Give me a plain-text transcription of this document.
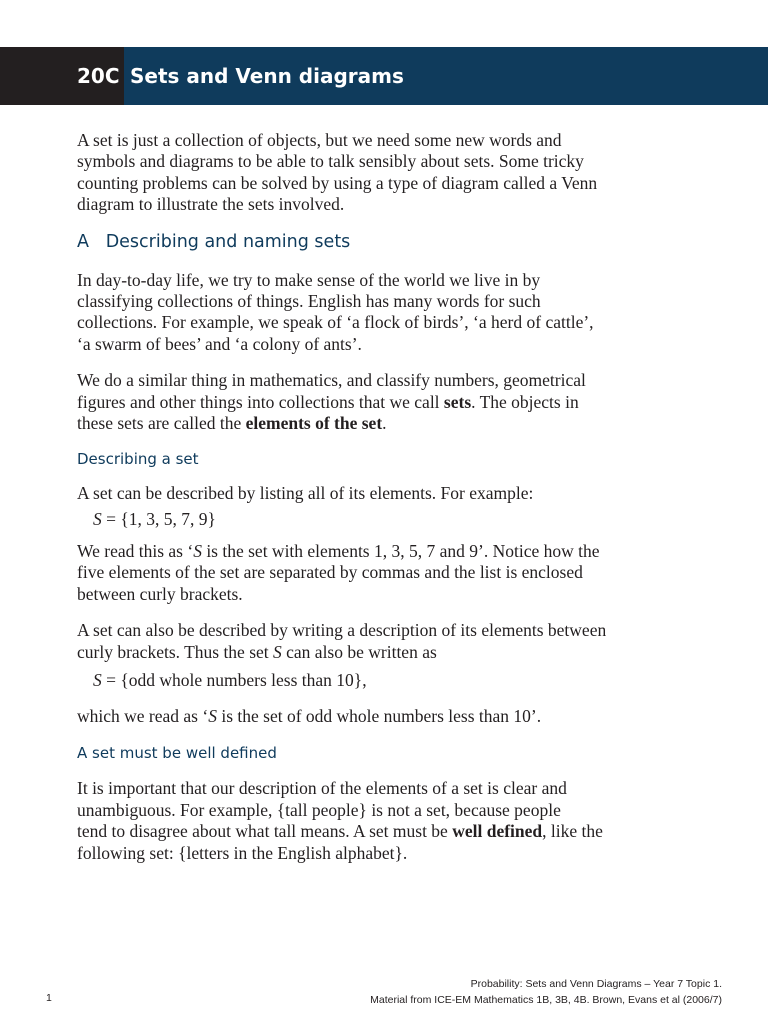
20C Sets and Venn diagrams

A set is just a collection of objects, but we need some new words and
symbols and diagrams to be able to talk sensibly about sets. Some tricky
counting problems can be solved by using a type of diagram called a Venn
diagram to illustrate the sets involved.

A Describing and naming sets

In day-to-day life, we try to make sense of the world we live in by
classifying collections of things. English has many words for such
collections. For example, we speak of ‘a flock of birds’, ‘a herd of cattle’,
‘a swarm of bees’ and ‘a colony of ants’.

We do a similar thing in mathematics, and classify numbers, geometrical
figures and other things into collections that we call sets. The objects in
these sets are called the elements of the set.

Describing a set

A set can be described by listing all of its elements. For example:

S = {1, 3, 5, 7, 9}

We read this as ‘S is the set with elements 1, 3, 5, 7 and 9’. Notice how the
five elements of the set are separated by commas and the list is enclosed
between curly brackets.

A set can also be described by writing a description of its elements between
curly brackets. Thus the set S can also be written as

S = {odd whole numbers less than 10},

which we read as ‘S is the set of odd whole numbers less than 10’.

A set must be well defined

It is important that our description of the elements of a set is clear and
unambiguous. For example, {tall people} is not a set, because people
tend to disagree about what tall means. A set must be well defined, like the
following set: {letters in the English alphabet}.

1
Probability: Sets and Venn Diagrams – Year 7 Topic 1.
Material from ICE-EM Mathematics 1B, 3B, 4B. Brown, Evans et al (2006/7)
